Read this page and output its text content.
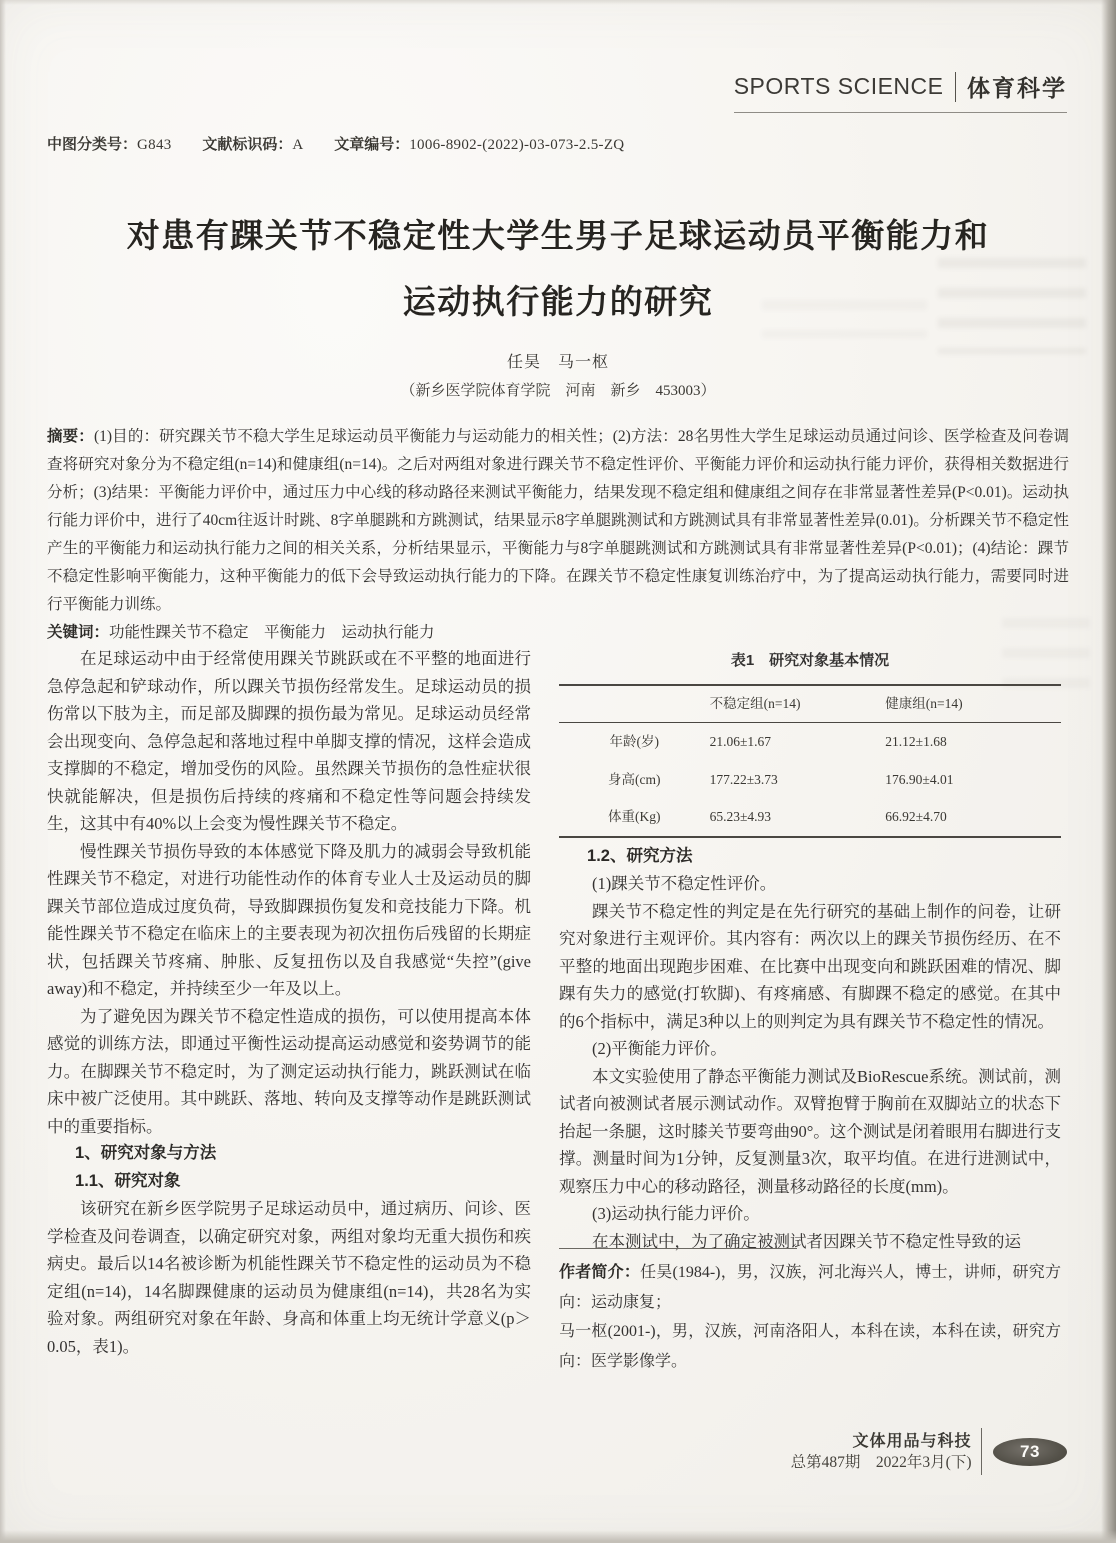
SPORTS SCIENCE 体育科学
中图分类号：G843 文献标识码：A 文章编号：1006-8902-(2022)-03-073-2.5-ZQ
对患有踝关节不稳定性大学生男子足球运动员平衡能力和
运动执行能力的研究
任昊　马一枢
（新乡医学院体育学院　河南　新乡　453003）

摘要：(1)目的：研究踝关节不稳大学生足球运动员平衡能力与运动能力的相关性；(2)方法：28名男性大学生足球运动员通过问诊、医学检查及问卷调查将研究对象分为不稳定组(n=14)和健康组(n=14)。之后对两组对象进行踝关节不稳定性评价、平衡能力评价和运动执行能力评价，获得相关数据进行分析；(3)结果：平衡能力评价中，通过压力中心线的移动路径来测试平衡能力，结果发现不稳定组和健康组之间存在非常显著性差异(P<0.01)。运动执行能力评价中，进行了40cm往返计时跳、8字单腿跳和方跳测试，结果显示8字单腿跳测试和方跳测试具有非常显著性差异(0.01)。分析踝关节不稳定性产生的平衡能力和运动执行能力之间的相关关系，分析结果显示，平衡能力与8字单腿跳测试和方跳测试具有非常显著性差异(P<0.01)；(4)结论：踝节不稳定性影响平衡能力，这种平衡能力的低下会导致运动执行能力的下降。在踝关节不稳定性康复训练治疗中，为了提高运动执行能力，需要同时进行平衡能力训练。

关键词：功能性踝关节不稳定　平衡能力　运动执行能力

在足球运动中由于经常使用踝关节跳跃或在不平整的地面进行急停急起和铲球动作，所以踝关节损伤经常发生。足球运动员的损伤常以下肢为主，而足部及脚踝的损伤最为常见。足球运动员经常会出现变向、急停急起和落地过程中单脚支撑的情况，这样会造成支撑脚的不稳定，增加受伤的风险。虽然踝关节损伤的急性症状很快就能解决，但是损伤后持续的疼痛和不稳定性等问题会持续发生，这其中有40%以上会变为慢性踝关节不稳定。

慢性踝关节损伤导致的本体感觉下降及肌力的减弱会导致机能性踝关节不稳定，对进行功能性动作的体育专业人士及运动员的脚踝关节部位造成过度负荷，导致脚踝损伤复发和竞技能力下降。机能性踝关节不稳定在临床上的主要表现为初次扭伤后残留的长期症状，包括踝关节疼痛、肿胀、反复扭伤以及自我感觉“失控”(give away)和不稳定，并持续至少一年及以上。

为了避免因为踝关节不稳定性造成的损伤，可以使用提高本体感觉的训练方法，即通过平衡性运动提高运动感觉和姿势调节的能力。在脚踝关节不稳定时，为了测定运动执行能力，跳跃测试在临床中被广泛使用。其中跳跃、落地、转向及支撑等动作是跳跃测试中的重要指标。

1、研究对象与方法
1.1、研究对象

该研究在新乡医学院男子足球运动员中，通过病历、问诊、医学检查及问卷调查，以确定研究对象，两组对象均无重大损伤和疾病史。最后以14名被诊断为机能性踝关节不稳定性的运动员为不稳定组(n=14)，14名脚踝健康的运动员为健康组(n=14)，共28名为实验对象。两组研究对象在年龄、身高和体重上均无统计学意义(p＞0.05，表1)。

表1　研究对象基本情况
	不稳定组(n=14)	健康组(n=14)
年龄(岁)	21.06±1.67	21.12±1.68
身高(cm)	177.22±3.73	176.90±4.01
体重(Kg)	65.23±4.93	66.92±4.70
1.2、研究方法

(1)踝关节不稳定性评价。

踝关节不稳定性的判定是在先行研究的基础上制作的问卷，让研究对象进行主观评价。其内容有：两次以上的踝关节损伤经历、在不平整的地面出现跑步困难、在比赛中出现变向和跳跃困难的情况、脚踝有失力的感觉(打软脚)、有疼痛感、有脚踝不稳定的感觉。在其中的6个指标中，满足3种以上的则判定为具有踝关节不稳定性的情况。

(2)平衡能力评价。

本文实验使用了静态平衡能力测试及BioRescue系统。测试前，测试者向被测试者展示测试动作。双臂抱臂于胸前在双脚站立的状态下抬起一条腿，这时膝关节要弯曲90°。这个测试是闭着眼用右脚进行支撑。测量时间为1分钟，反复测量3次，取平均值。在进行进测试中，观察压力中心的移动路径，测量移动路径的长度(mm)。

(3)运动执行能力评价。

在本测试中，为了确定被测试者因踝关节不稳定性导致的运

作者简介：任昊(1984-)，男，汉族，河北海兴人，博士，讲师，研究方向：运动康复；

马一枢(2001-)，男，汉族，河南洛阳人，本科在读，本科在读，研究方向：医学影像学。

文体用品与科技
总第487期　2022年3月(下)
73
